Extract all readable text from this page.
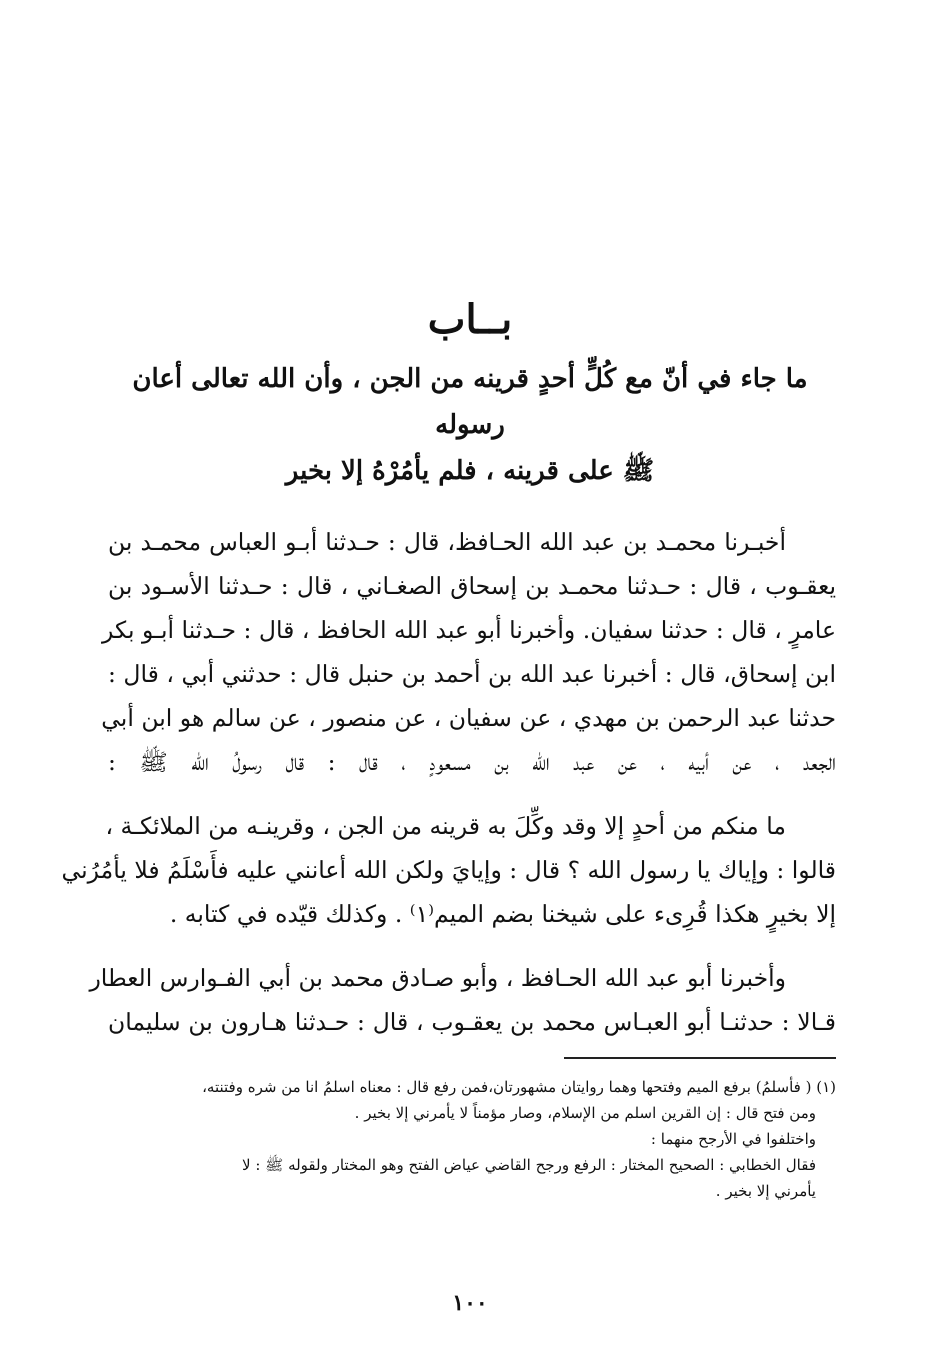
بــاب
ما جاء في أنّ مع كُلٍّ أحدٍ قرينه من الجن ، وأن الله تعالى أعان رسوله
ﷺ على قرينه ، فلم يأمُرْهُ إلا بخير

أخبـرنا محمـد بن عبد الله الحـافظ، قال : حـدثنا أبـو العباس محمـد بن
يعقـوب ، قال : حـدثنا محمـد بن إسحاق الصغـاني ، قال : حـدثنا الأسـود بن
عامرٍ ، قال : حدثنا سفيان. وأخبرنا أبو عبد الله الحافظ ، قال : حـدثنا أبـو بكر
ابن إسحاق، قال : أخبرنا عبد الله بن أحمد بن حنبل قال : حدثني أبي ، قال :
حدثنا عبد الرحمن بن مهدي ، عن سفيان ، عن منصور ، عن سالم هو ابن أبي
الجعد ، عن أبيه ، عن عبد الله بن مسعودٍ ، قال : قال رسولُ الله ﷺ :

ما منكم من أحدٍ إلا وقد وكِّلَ به قرينه من الجن ، وقرينـه من الملائكـة ،
قالوا : وإياك يا رسول الله ؟ قال : وإيايَ ولكن الله أعانني عليه فأَسْلَمُ فلا يأمُرُني
إلا بخيرٍ هكذا قُرِىء على شيخنا بضم الميم⁽١⁾ . وكذلك قيّده في كتابه .

وأخبرنا أبو عبد الله الحـافظ ، وأبو صـادق محمد بن أبي الفـوارس العطار
قـالا : حدثنـا أبو العبـاس محمد بن يعقـوب ، قال : حـدثنا هـارون بن سليمان

(١) ( فأسلمُ) برفع الميم وفتحها وهما روايتان مشهورتان،فمن رفع قال : معناه اسلمُ انا من شره وفتنته،
ومن فتح قال : إن القرين اسلم من الإسلام، وصار مؤمناً لا يأمرني إلا بخير .
واختلفوا في الأرجح منهما :
فقال الخطابي : الصحيح المختار : الرفع ورجح القاضي عياض الفتح وهو المختار ولقوله ﷺ : لا
يأمرني إلا بخير .
١٠٠
